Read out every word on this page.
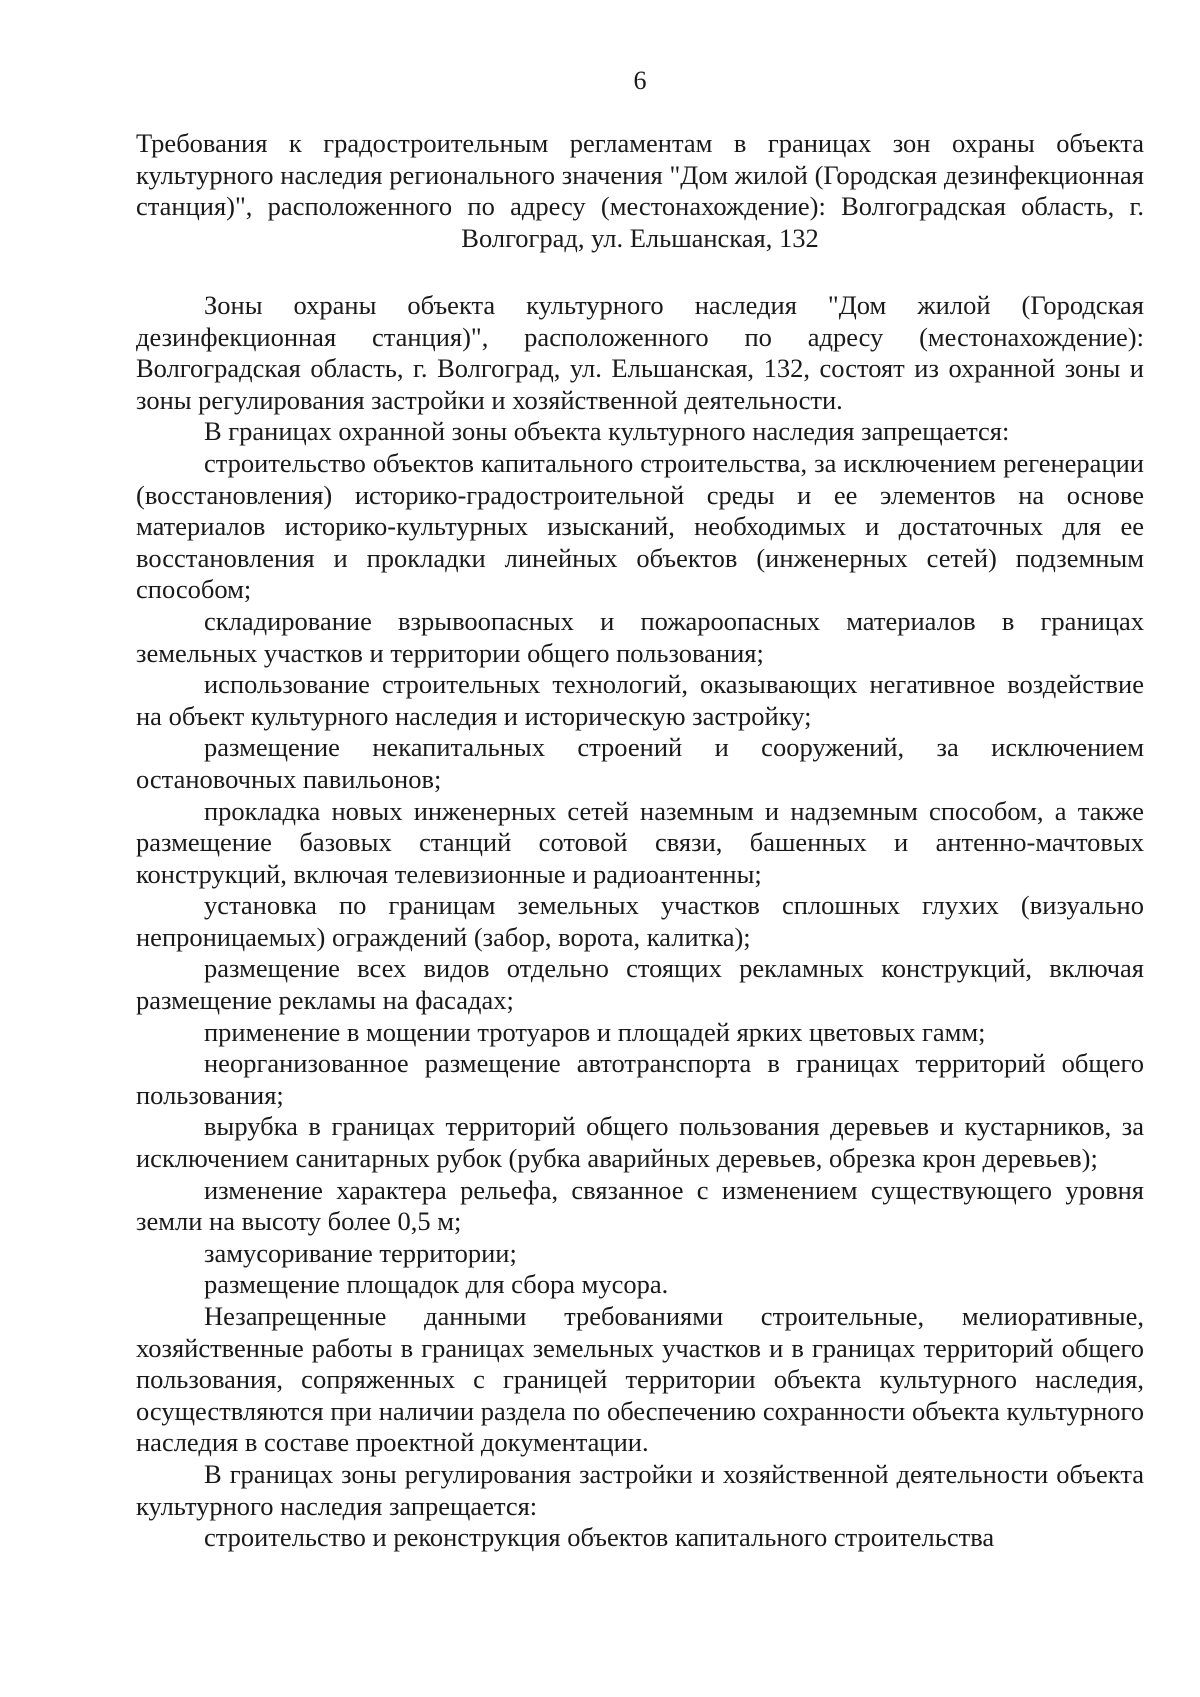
6

Требования к градостроительным регламентам в границах зон охраны объекта культурного наследия регионального значения "Дом жилой (Городская дезинфекционная станция)", расположенного по адресу (местонахождение): Волгоградская область, г. Волгоград, ул. Ельшанская, 132

Зоны охраны объекта культурного наследия "Дом жилой (Городская дезинфекционная станция)", расположенного по адресу (местонахождение): Волгоградская область, г. Волгоград, ул. Ельшанская, 132, состоят из охранной зоны и зоны регулирования застройки и хозяйственной деятельности.

В границах охранной зоны объекта культурного наследия запрещается:

строительство объектов капитального строительства, за исключением регенерации (восстановления) историко-градостроительной среды и ее элементов на основе материалов историко-культурных изысканий, необходимых и достаточных для ее восстановления и прокладки линейных объектов (инженерных сетей) подземным способом;

складирование взрывоопасных и пожароопасных материалов в границах земельных участков и территории общего пользования;

использование строительных технологий, оказывающих негативное воздействие на объект культурного наследия и историческую застройку;

размещение некапитальных строений и сооружений, за исключением остановочных павильонов;

прокладка новых инженерных сетей наземным и надземным способом, а также размещение базовых станций сотовой связи, башенных и антенно-мачтовых конструкций, включая телевизионные и радиоантенны;

установка по границам земельных участков сплошных глухих (визуально непроницаемых) ограждений (забор, ворота, калитка);

размещение всех видов отдельно стоящих рекламных конструкций, включая размещение рекламы на фасадах;

применение в мощении тротуаров и площадей ярких цветовых гамм;

неорганизованное размещение автотранспорта в границах территорий общего пользования;

вырубка в границах территорий общего пользования деревьев и кустарников, за исключением санитарных рубок (рубка аварийных деревьев, обрезка крон деревьев);

изменение характера рельефа, связанное с изменением существующего уровня земли на высоту более 0,5 м;

замусоривание территории;

размещение площадок для сбора мусора.

Незапрещенные данными требованиями строительные, мелиоративные, хозяйственные работы в границах земельных участков и в границах территорий общего пользования, сопряженных с границей территории объекта культурного наследия, осуществляются при наличии раздела по обеспечению сохранности объекта культурного наследия в составе проектной документации.

В границах зоны регулирования застройки и хозяйственной деятельности объекта культурного наследия запрещается:

строительство и реконструкция объектов капитального строительства
